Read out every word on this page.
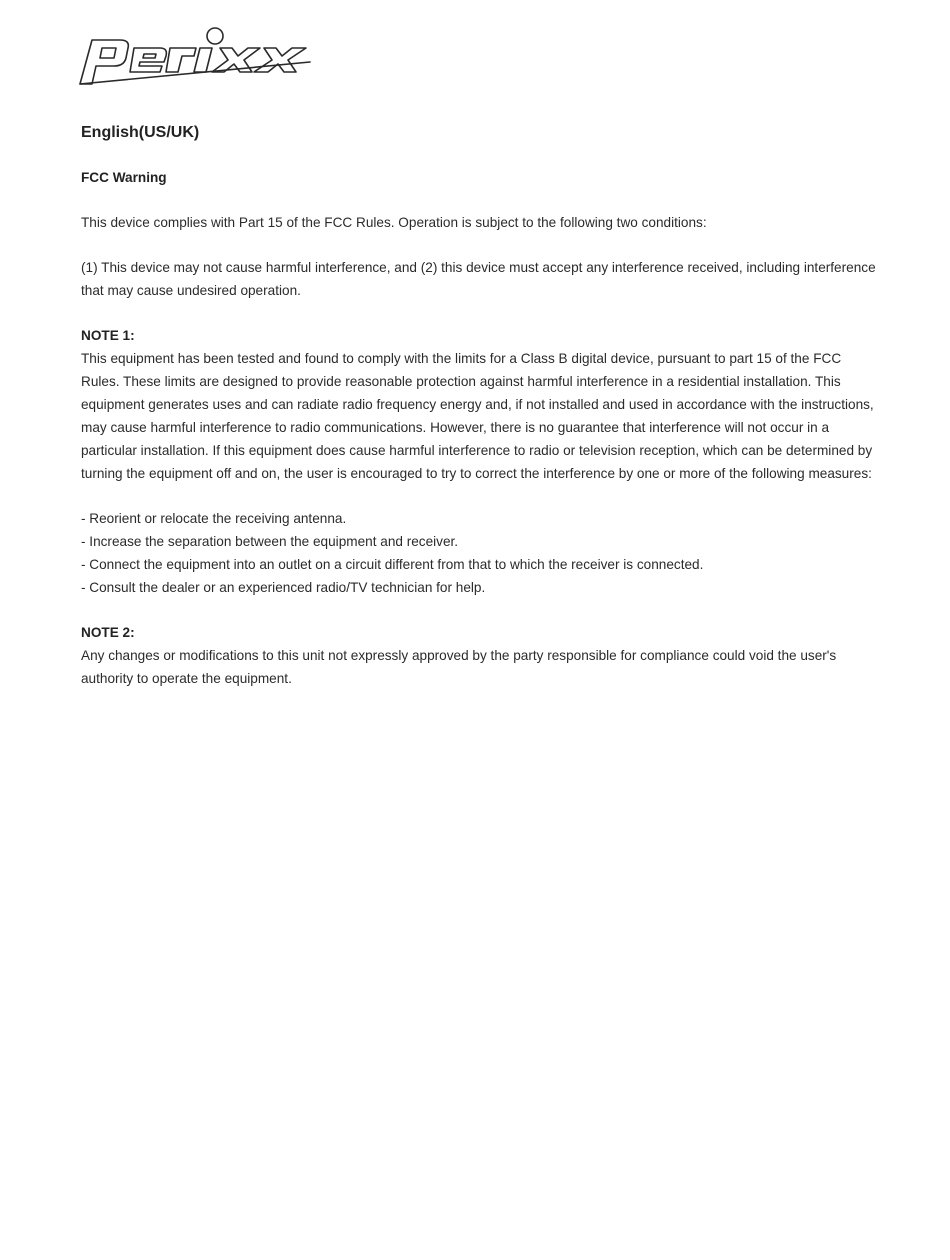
English(US/UK)
FCC Warning

This device complies with Part 15 of the FCC Rules. Operation is subject to the following two conditions:

(1) This device may not cause harmful interference, and (2) this device must accept any interference received, including interference that may cause undesired operation.

NOTE 1:

This equipment has been tested and found to comply with the limits for a Class B digital device, pursuant to part 15 of the FCC Rules. These limits are designed to provide reasonable protection against harmful interference in a residential installation. This equipment generates uses and can radiate radio frequency energy and, if not installed and used in accordance with the instructions, may cause harmful interference to radio communications. However, there is no guarantee that interference will not occur in a particular installation. If this equipment does cause harmful interference to radio or television reception, which can be determined by turning the equipment off and on, the user is encouraged to try to correct the interference by one or more of the following measures:

- Reorient or relocate the receiving antenna.
- Increase the separation between the equipment and receiver.
- Connect the equipment into an outlet on a circuit different from that to which the receiver is connected.
- Consult the dealer or an experienced radio/TV technician for help.
NOTE 2:

Any changes or modifications to this unit not expressly approved by the party responsible for compliance could void the user's authority to operate the equipment.
